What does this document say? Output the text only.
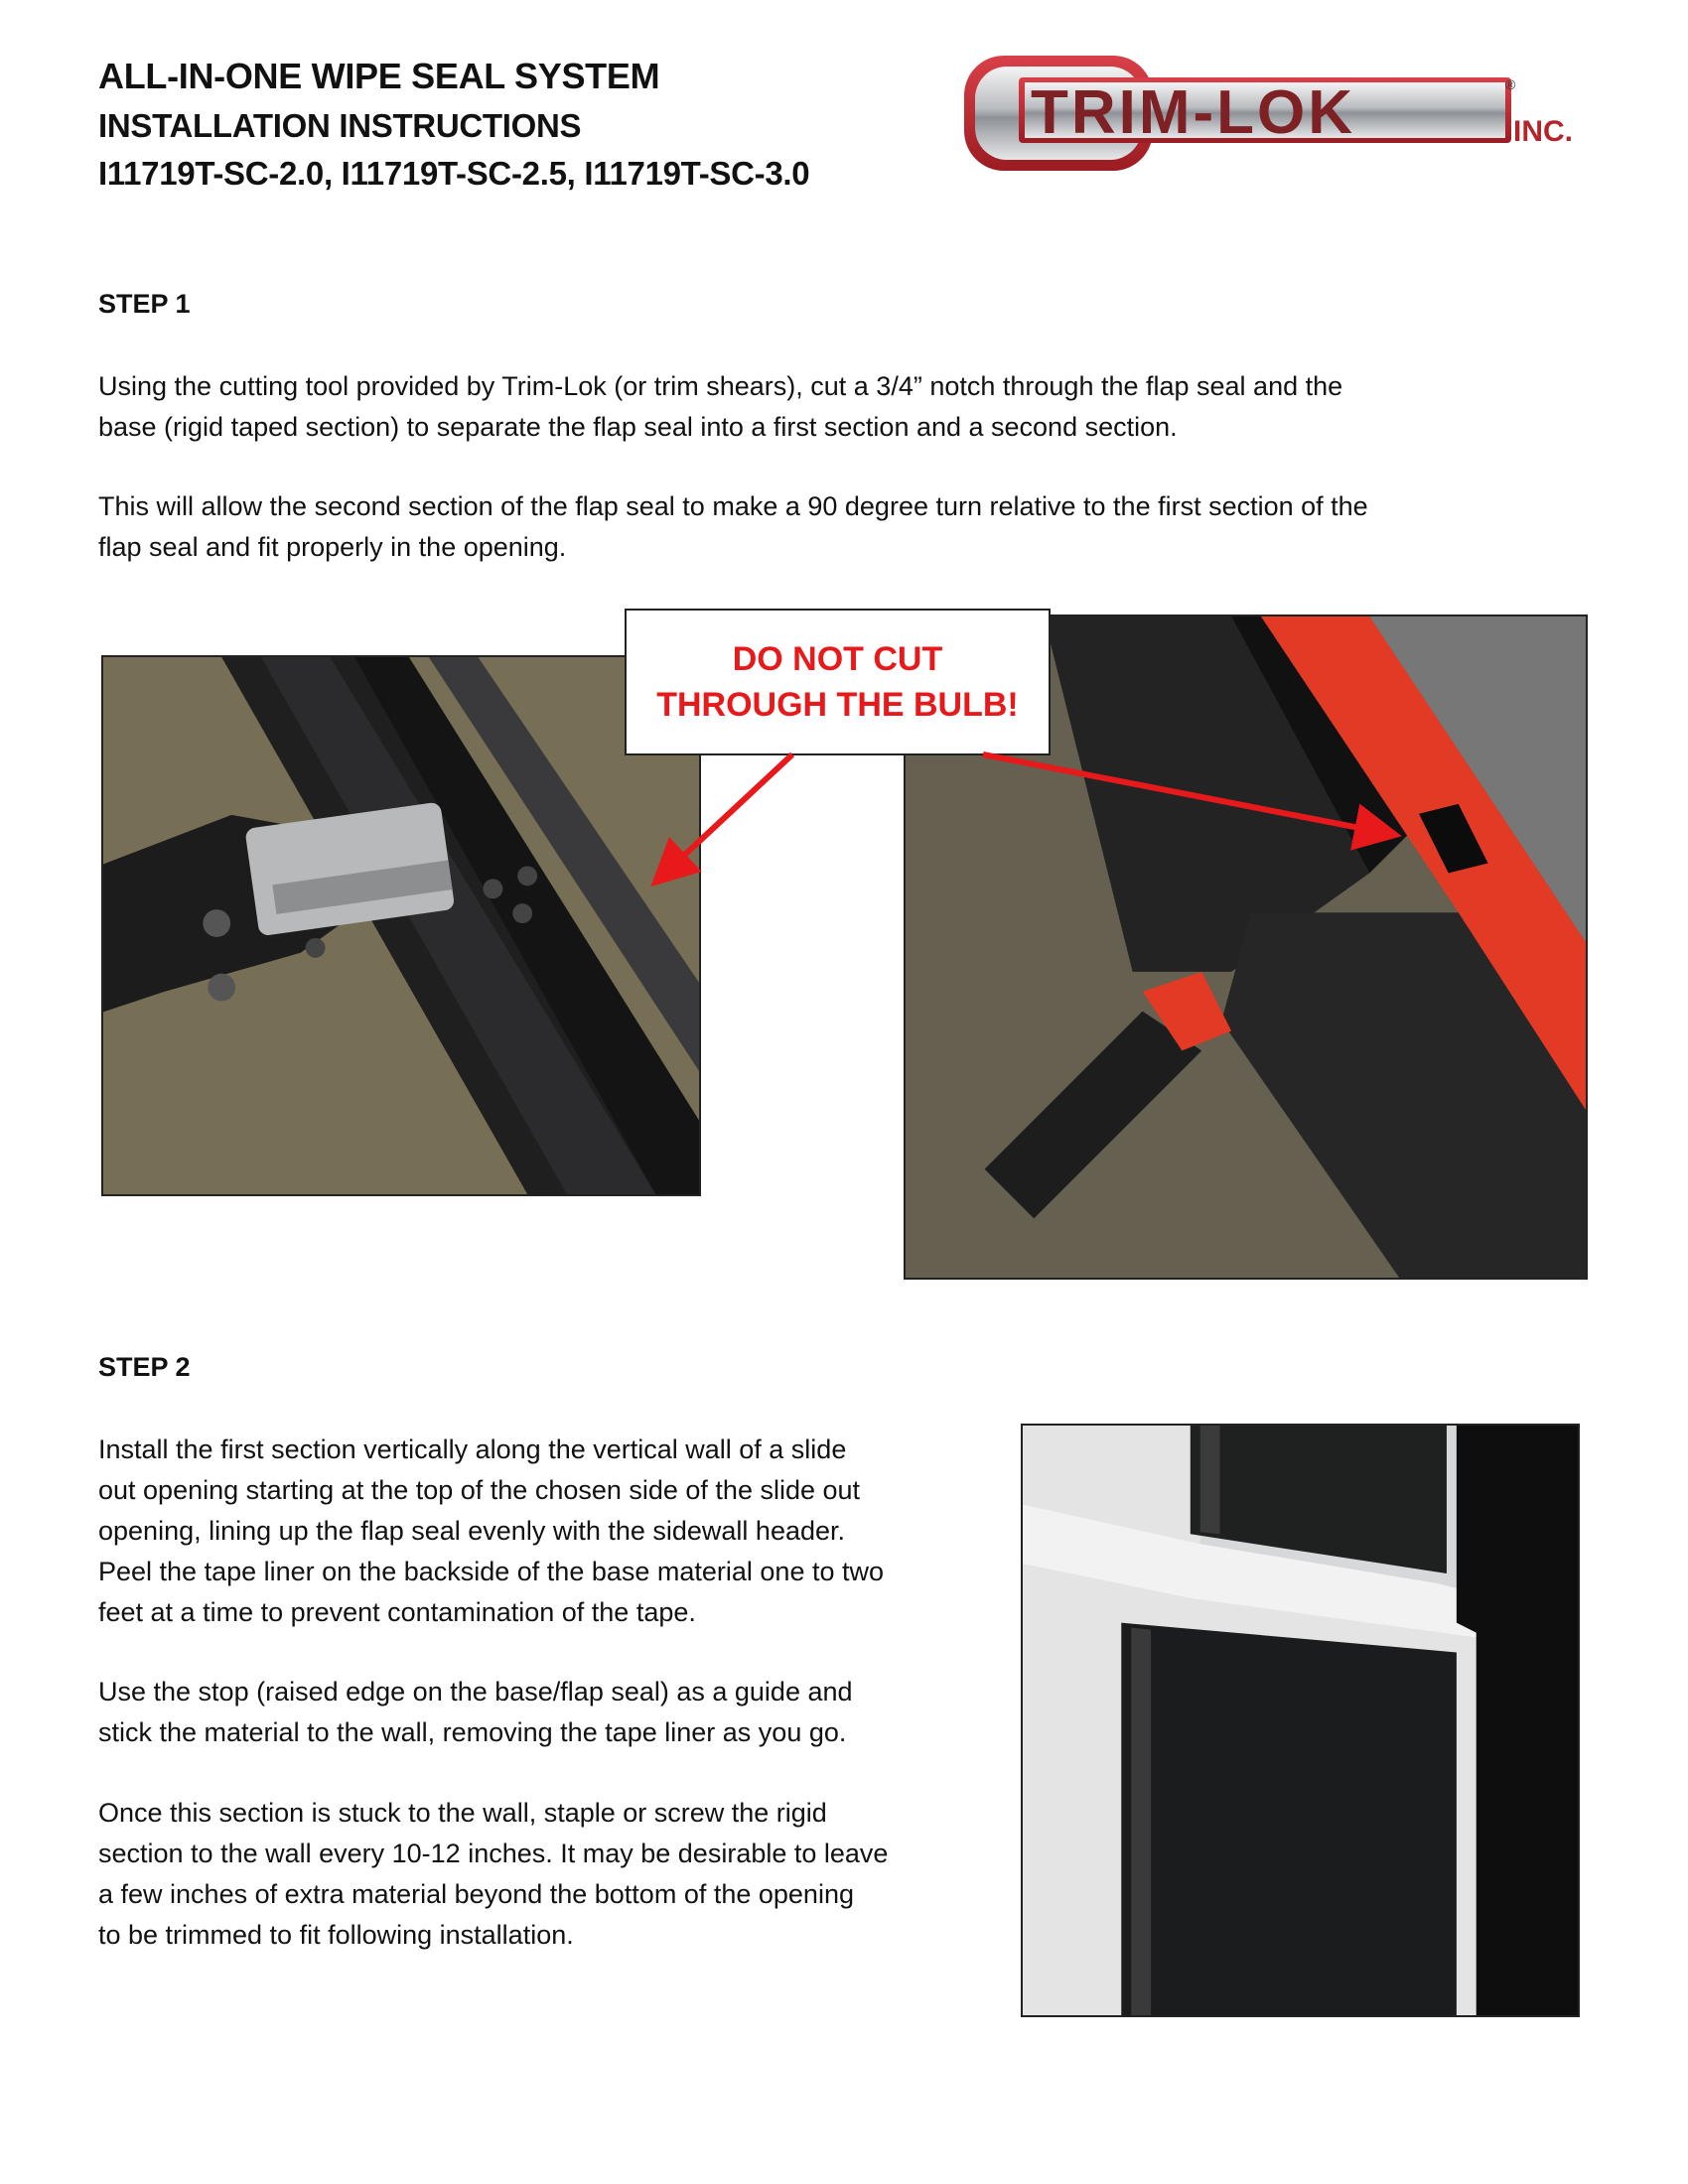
ALL-IN-ONE WIPE SEAL SYSTEM
INSTALLATION INSTRUCTIONS
I11719T-SC-2.0, I11719T-SC-2.5, I11719T-SC-3.0
TRIM-LOK	INC.
®
STEP 1

Using the cutting tool provided by Trim-Lok (or trim shears), cut a 3/4” notch through the flap seal and the
base (rigid taped section) to separate the flap seal into a first section and a second section.

This will allow the second section of the flap seal to make a 90 degree turn relative to the first section of the
flap seal and fit properly in the opening.

DO NOT CUT
THROUGH THE BULB!
STEP 2

Install the first section vertically along the vertical wall of a slide
out opening starting at the top of the chosen side of the slide out
opening, lining up the flap seal evenly with the sidewall header.
Peel the tape liner on the backside of the base material one to two
feet at a time to prevent contamination of the tape.

Use the stop (raised edge on the base/flap seal) as a guide and
stick the material to the wall, removing the tape liner as you go.

Once this section is stuck to the wall, staple or screw the rigid
section to the wall every 10-12 inches. It may be desirable to leave
a few inches of extra material beyond the bottom of the opening
to be trimmed to fit following installation.
